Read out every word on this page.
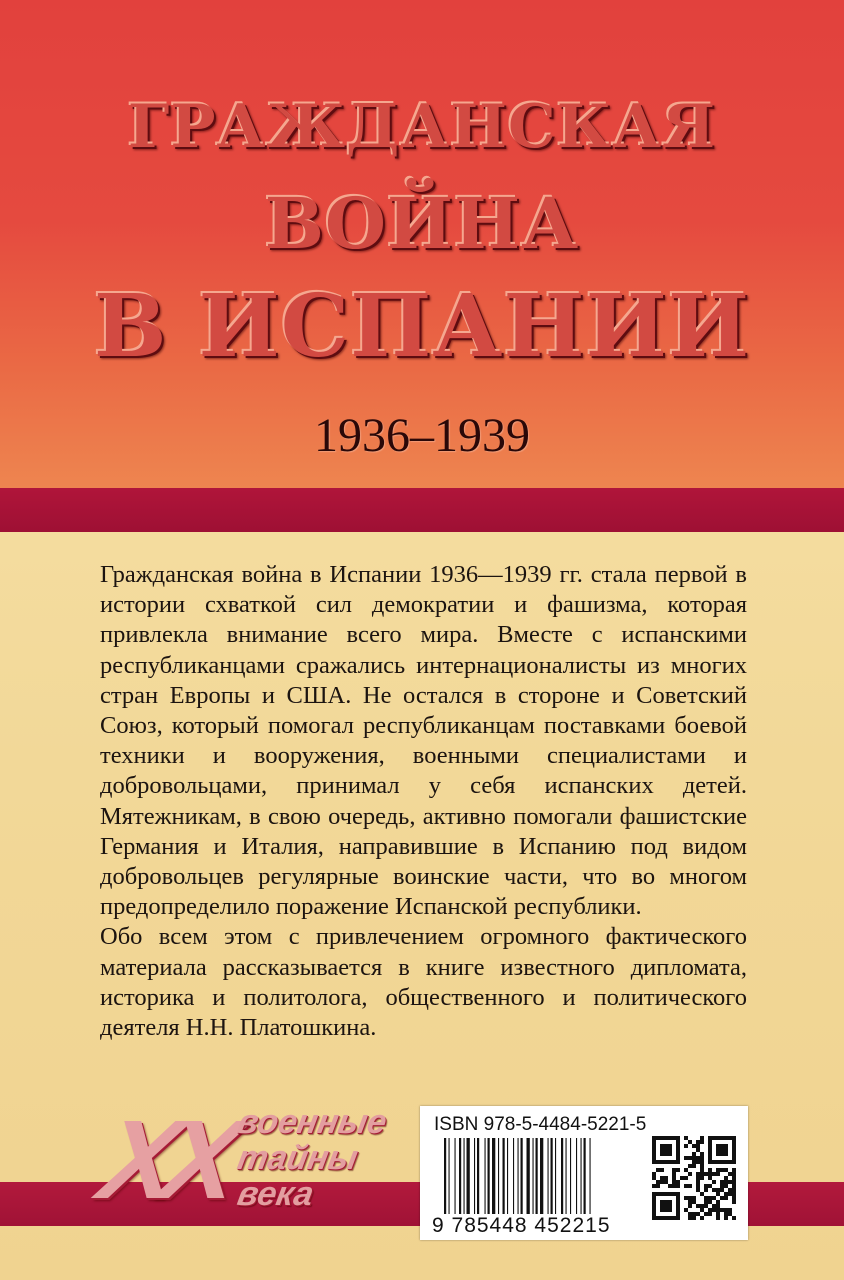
ГРАЖДАНСКАЯ
ВОЙНА
В ИСПАНИИ
1936–1939

Гражданская война в Испании 1936—1939 гг. стала первой в истории схваткой сил демократии и фашизма, которая привлекла внимание всего мира. Вместе с испанскими республиканцами сражались интернационалисты из многих стран Европы и США. Не остался в стороне и Советский Союз, который помогал республиканцам поставками боевой техники и вооружения, военными специалистами и добровольцами, принимал у себя испанских детей. Мятежникам, в свою очередь, активно помогали фашистские Германия и Италия, направившие в Испанию под видом добровольцев регулярные воинские части, что во многом предопределило поражение Испанской республики.

Обо всем этом с привлечением огромного фактического материала рассказывается в книге известного дипломата, историка и политолога, общественного и политического деятеля Н.Н. Платошкина.

XX
военные
тайны
века
ISBN 978-5-4484-5221-5
9 785448 452215
